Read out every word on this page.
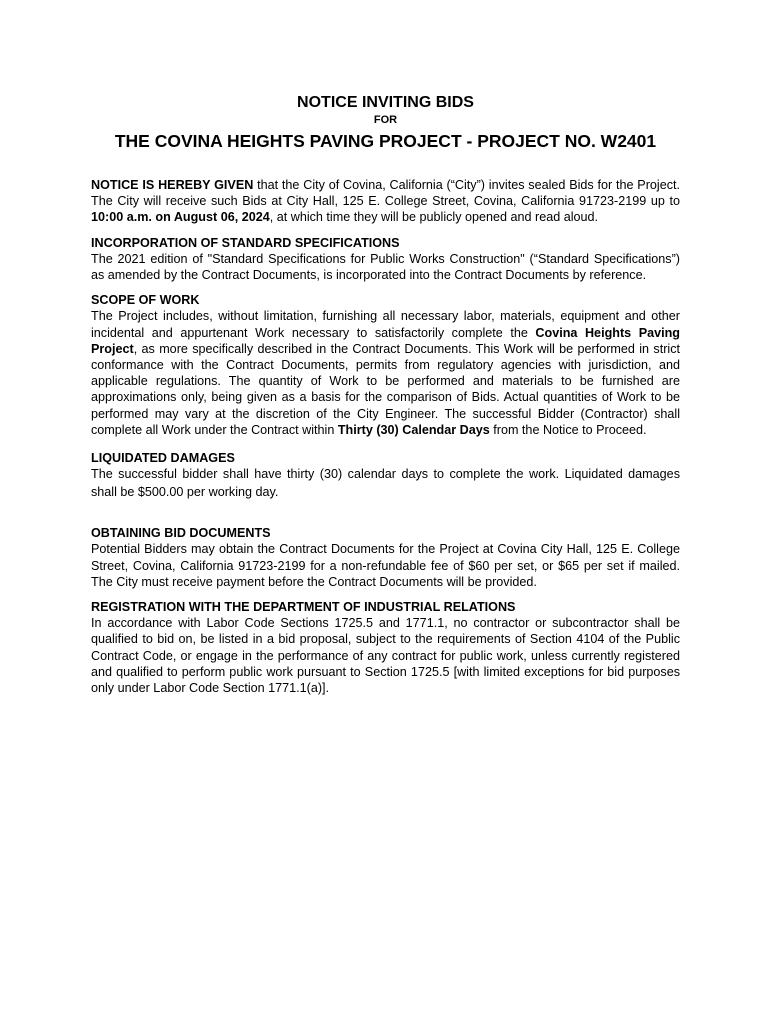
NOTICE INVITING BIDS
FOR
THE COVINA HEIGHTS PAVING PROJECT - PROJECT NO. W2401

NOTICE IS HEREBY GIVEN that the City of Covina, California (“City”) invites sealed Bids for the Project. The City will receive such Bids at City Hall, 125 E. College Street, Covina, California 91723-2199 up to 10:00 a.m. on August 06, 2024, at which time they will be publicly opened and read aloud.

INCORPORATION OF STANDARD SPECIFICATIONS

The 2021 edition of "Standard Specifications for Public Works Construction" (“Standard Specifications”) as amended by the Contract Documents, is incorporated into the Contract Documents by reference.

SCOPE OF WORK

The Project includes, without limitation, furnishing all necessary labor, materials, equipment and other incidental and appurtenant Work necessary to satisfactorily complete the Covina Heights Paving Project, as more specifically described in the Contract Documents. This Work will be performed in strict conformance with the Contract Documents, permits from regulatory agencies with jurisdiction, and applicable regulations. The quantity of Work to be performed and materials to be furnished are approximations only, being given as a basis for the comparison of Bids. Actual quantities of Work to be performed may vary at the discretion of the City Engineer. The successful Bidder (Contractor) shall complete all Work under the Contract within Thirty (30) Calendar Days from the Notice to Proceed.

LIQUIDATED DAMAGES

The successful bidder shall have thirty (30) calendar days to complete the work. Liquidated damages shall be $500.00 per working day.

OBTAINING BID DOCUMENTS

Potential Bidders may obtain the Contract Documents for the Project at Covina City Hall, 125 E. College Street, Covina, California 91723-2199 for a non-refundable fee of $60 per set, or $65 per set if mailed. The City must receive payment before the Contract Documents will be provided.

REGISTRATION WITH THE DEPARTMENT OF INDUSTRIAL RELATIONS

In accordance with Labor Code Sections 1725.5 and 1771.1, no contractor or subcontractor shall be qualified to bid on, be listed in a bid proposal, subject to the requirements of Section 4104 of the Public Contract Code, or engage in the performance of any contract for public work, unless currently registered and qualified to perform public work pursuant to Section 1725.5 [with limited exceptions for bid purposes only under Labor Code Section 1771.1(a)].
